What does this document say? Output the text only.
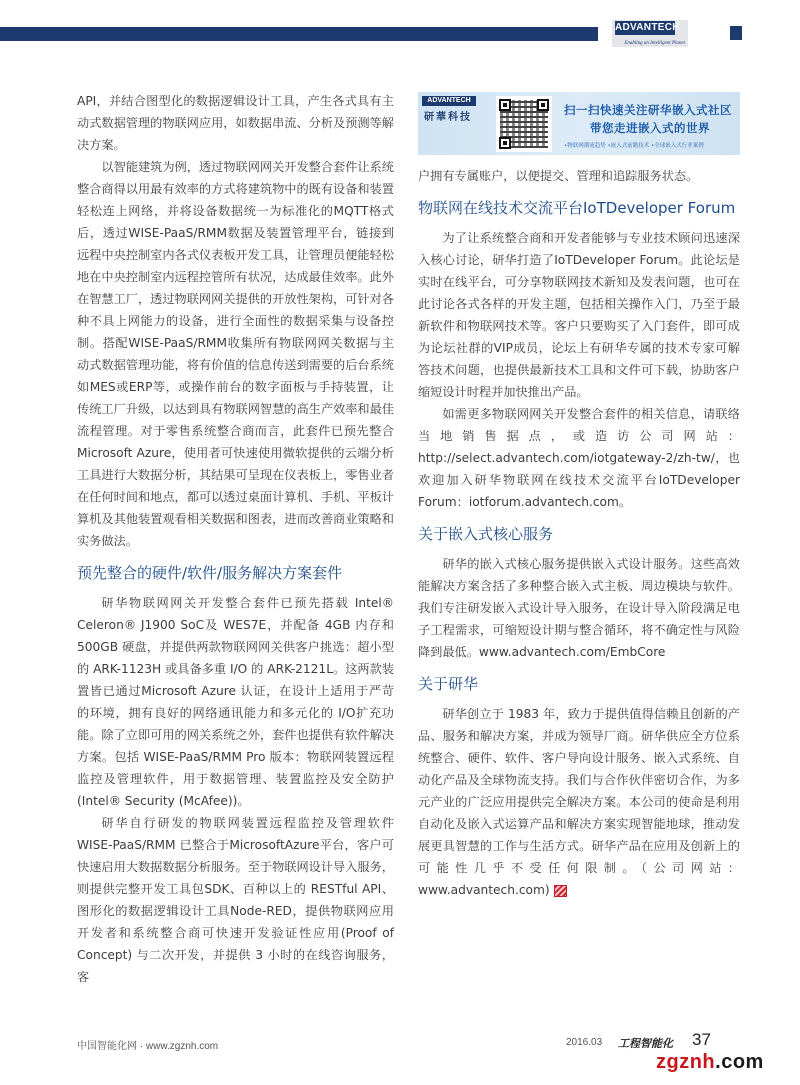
ADVANTECH
Enabling an Intelligent Planet

API，并结合图型化的数据逻辑设计工具，产生各式具有主动式数据管理的物联网应用，如数据串流、分析及预测等解决方案。

以智能建筑为例，透过物联网网关开发整合套件让系统整合商得以用最有效率的方式将建筑物中的既有设备和装置轻松连上网络，并将设备数据统一为标准化的MQTT格式后，透过WISE-PaaS/RMM数据及装置管理平台，链接到远程中央控制室内各式仪表板开发工具，让管理员便能轻松地在中央控制室内远程控管所有状况，达成最佳效率。此外在智慧工厂，透过物联网网关提供的开放性架构，可针对各种不具上网能力的设备，进行全面性的数据采集与设备控制。搭配WISE-PaaS/RMM收集所有物联网网关数据与主动式数据管理功能，将有价值的信息传送到需要的后台系统如MES或ERP等，或操作前台的数字面板与手持装置，让传统工厂升级，以达到具有物联网智慧的高生产效率和最佳流程管理。对于零售系统整合商而言，此套件已预先整合Microsoft Azure，使用者可快速使用微软提供的云端分析工具进行大数据分析，其结果可呈现在仪表板上，零售业者在任何时间和地点，都可以透过桌面计算机、手机、平板计算机及其他装置观看相关数据和图表，进而改善商业策略和实务做法。

预先整合的硬件/软件/服务解决方案套件

研华物联网网关开发整合套件已预先搭载 Intel® Celeron® J1900 SoC及 WES7E，并配备 4GB 内存和 500GB 硬盘，并提供两款物联网网关供客户挑选：超小型的 ARK-1123H 或具备多重 I/O 的 ARK-2121L。这两款装置皆已通过Microsoft Azure 认证，在设计上适用于严苛的环境，拥有良好的网络通讯能力和多元化的 I/O扩充功能。除了立即可用的网关系统之外，套件也提供有软件解决方案。包括 WISE-PaaS/RMM Pro 版本：物联网装置远程监控及管理软件，用于数据管理、装置监控及安全防护 (Intel® Security (McAfee))。

研华自行研发的物联网装置远程监控及管理软件 WISE-PaaS/RMM 已整合于MicrosoftAzure平台，客户可快速启用大数据数据分析服务。至于物联网设计导入服务，则提供完整开发工具包SDK、百种以上的 RESTful API、图形化的数据逻辑设计工具Node-RED，提供物联网应用开发者和系统整合商可快速开发验证性应用(Proof of Concept) 与二次开发，并提供 3 小时的在线咨询服务，客

ADVANTECH
研華科技
扫一扫快速关注研华嵌入式社区
带您走进嵌入式的世界
•物联网潮流趋势 •嵌入式前瞻技术 •全球嵌入式行业案例

户拥有专属账户，以便提交、管理和追踪服务状态。

物联网在线技术交流平台IoTDeveloper Forum

为了让系统整合商和开发者能够与专业技术顾问迅速深入核心讨论，研华打造了IoTDeveloper Forum。此论坛是实时在线平台，可分享物联网技术新知及发表问题，也可在此讨论各式各样的开发主题，包括相关操作入门，乃至于最新软件和物联网技术等。客户只要购买了入门套件，即可成为论坛社群的VIP成员，论坛上有研华专属的技术专家可解答技术问题，也提供最新技术工具和文件可下载，协助客户缩短设计时程并加快推出产品。

如需更多物联网网关开发整合套件的相关信息，请联络当地销售据点，或造访公司网站：http://select.advantech.com/iotgateway-2/zh-tw/，也欢迎加入研华物联网在线技术交流平台IoTDeveloper Forum：iotforum.advantech.com。

关于嵌入式核心服务

研华的嵌入式核心服务提供嵌入式设计服务。这些高效能解决方案含括了多种整合嵌入式主板、周边模块与软件。我们专注研发嵌入式设计导入服务，在设计导入阶段满足电子工程需求，可缩短设计期与整合循环，将不确定性与风险降到最低。www.advantech.com/EmbCore

关于研华

研华创立于 1983 年，致力于提供值得信赖且创新的产品、服务和解决方案，并成为领导厂商。研华供应全方位系统整合、硬件、软件、客户导向设计服务、嵌入式系统、自动化产品及全球物流支持。我们与合作伙伴密切合作，为多元产业的广泛应用提供完全解决方案。本公司的使命是利用自动化及嵌入式运算产品和解决方案实现智能地球，推动发展更具智慧的工作与生活方式。研华产品在应用及创新上的可能性几乎不受任何限制。（公司网站：www.advantech.com)

中国智能化网 · www.zgznh.com	2016.03 工程智能化 37
zgznh.com
